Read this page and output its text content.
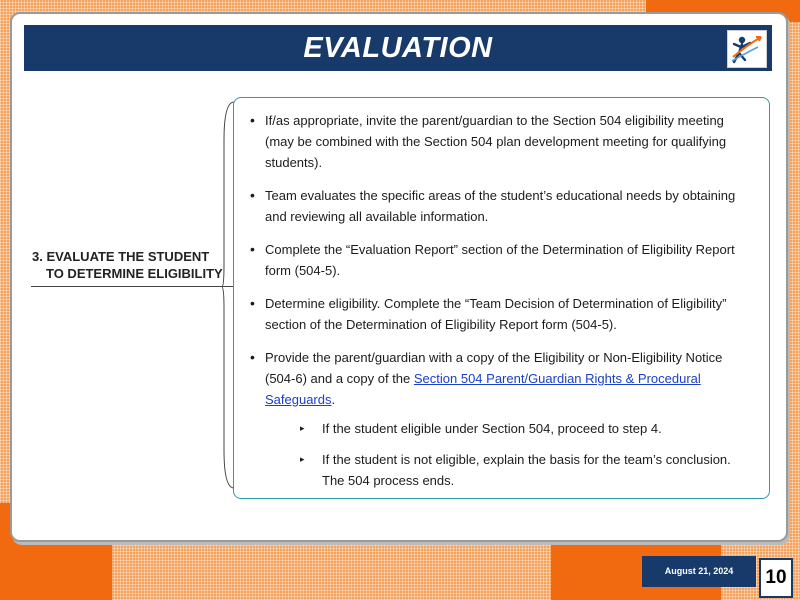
EVALUATION
3. EVALUATE THE STUDENT
TO DETERMINE ELIGIBILITY
• If/as appropriate, invite the parent/guardian to the Section 504 eligibility meeting (may be combined with the Section 504 plan development meeting for qualifying students).
• Team evaluates the specific areas of the student’s educational needs by obtaining and reviewing all available information.
• Complete the “Evaluation Report” section of the Determination of Eligibility Report form (504-5).
• Determine eligibility. Complete the “Team Decision of Determination of Eligibility” section of the Determination of Eligibility Report form (504-5).
• Provide the parent/guardian with a copy of the Eligibility or Non-Eligibility Notice (504-6) and a copy of the Section 504 Parent/Guardian Rights & Procedural Safeguards.
▸ If the student eligible under Section 504, proceed to step 4.
▸ If the student is not eligible, explain the basis for the team’s conclusion. The 504 process ends.
August 21, 2024	10
